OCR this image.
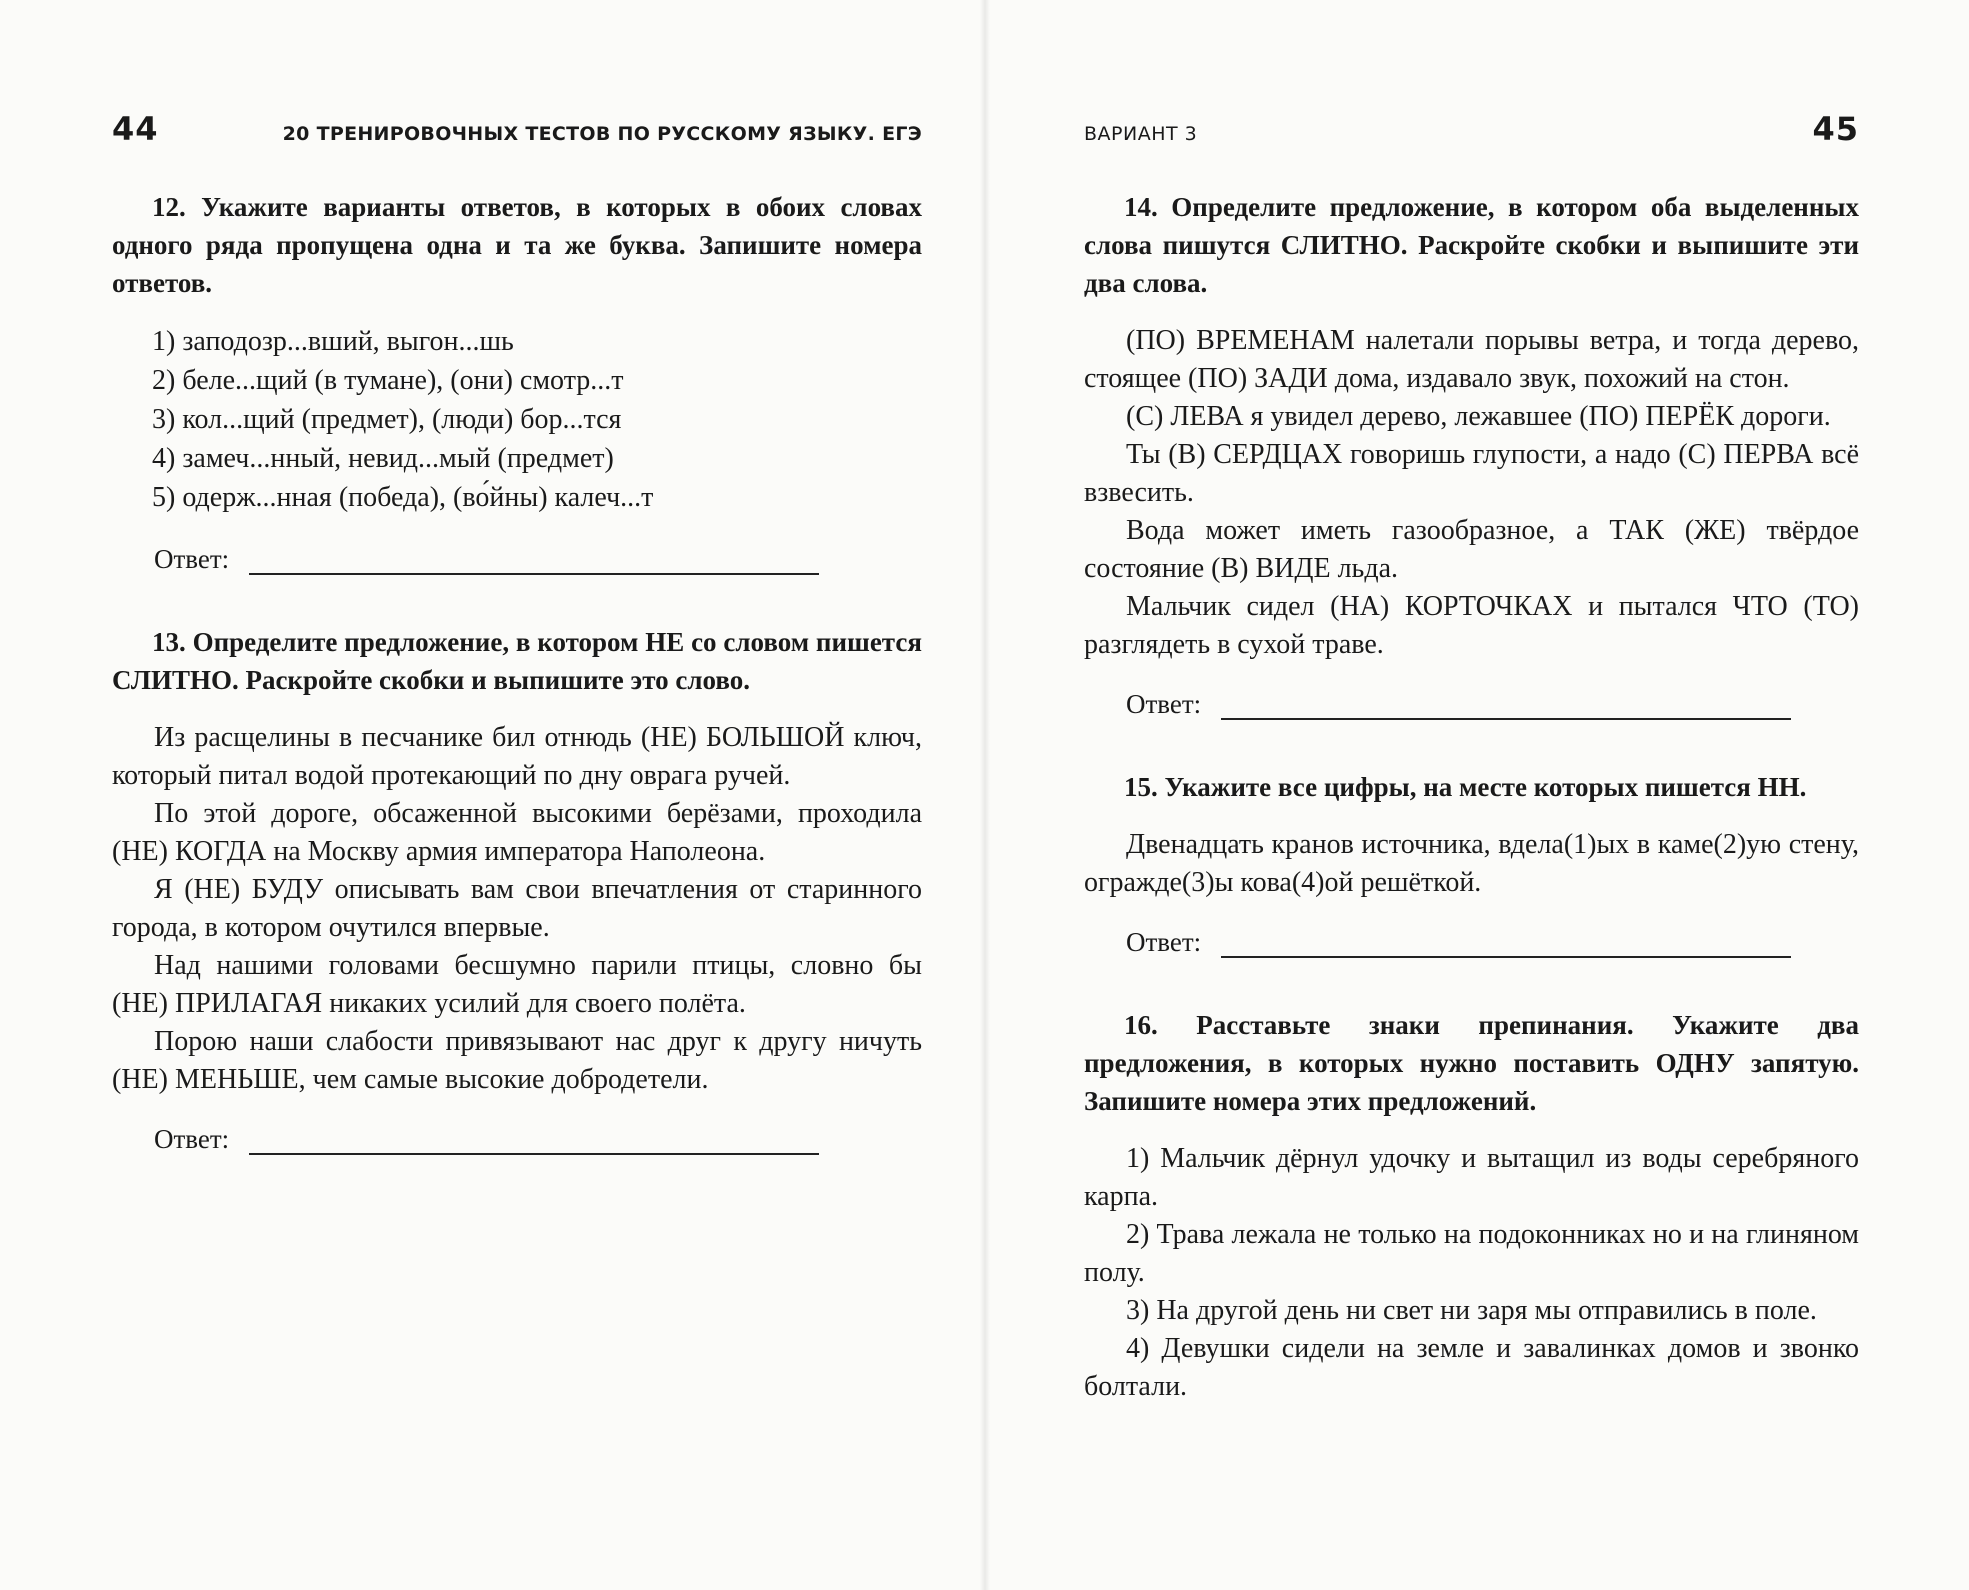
44	20 ТРЕНИРОВОЧНЫХ ТЕСТОВ ПО РУССКОМУ ЯЗЫКУ. ЕГЭ

12. Укажите варианты ответов, в которых в обоих словах одного ряда пропущена одна и та же буква. Запишите номера ответов.

1) заподозр...вший, выгон...шь
2) беле...щий (в тумане), (они) смотр...т
3) кол...щий (предмет), (люди) бор...тся
4) замеч...нный, невид...мый (предмет)
5) одерж...нная (победа), (во́йны) калеч...т
Ответ:

13. Определите предложение, в котором НЕ со словом пишется СЛИТНО. Раскройте скобки и выпишите это слово.

Из расщелины в песчанике бил отнюдь (НЕ) БОЛЬШОЙ ключ, который питал водой протекающий по дну оврага ручей.

По этой дороге, обсаженной высокими берёзами, проходила (НЕ) КОГДА на Москву армия императора Наполеона.

Я (НЕ) БУДУ описывать вам свои впечатления от старинного города, в котором очутился впервые.

Над нашими головами бесшумно парили птицы, словно бы (НЕ) ПРИЛАГАЯ никаких усилий для своего полёта.

Порою наши слабости привязывают нас друг к другу ничуть (НЕ) МЕНЬШЕ, чем самые высокие добродетели.

Ответ:
ВАРИАНТ 3	45

14. Определите предложение, в котором оба выделенных слова пишутся СЛИТНО. Раскройте скобки и выпишите эти два слова.

(ПО) ВРЕМЕНАМ налетали порывы ветра, и тогда дерево, стоящее (ПО) ЗАДИ дома, издавало звук, похожий на стон.

(С) ЛЕВА я увидел дерево, лежавшее (ПО) ПЕРЁК дороги.

Ты (В) СЕРДЦАХ говоришь глупости, а надо (С) ПЕРВА всё взвесить.

Вода может иметь газообразное, а ТАК (ЖЕ) твёрдое состояние (В) ВИДЕ льда.

Мальчик сидел (НА) КОРТОЧКАХ и пытался ЧТО (ТО) разглядеть в сухой траве.

Ответ:

15. Укажите все цифры, на месте которых пишется НН.

Двенадцать кранов источника, вдела(1)ых в каме(2)ую стену, огражде(3)ы кова(4)ой решёткой.

Ответ:

16. Расставьте знаки препинания. Укажите два предложения, в которых нужно поставить ОДНУ запятую. Запишите номера этих предложений.

1) Мальчик дёрнул удочку и вытащил из воды серебряного карпа.

2) Трава лежала не только на подоконниках но и на глиняном полу.

3) На другой день ни свет ни заря мы отправились в поле.

4) Девушки сидели на земле и завалинках домов и звонко болтали.
